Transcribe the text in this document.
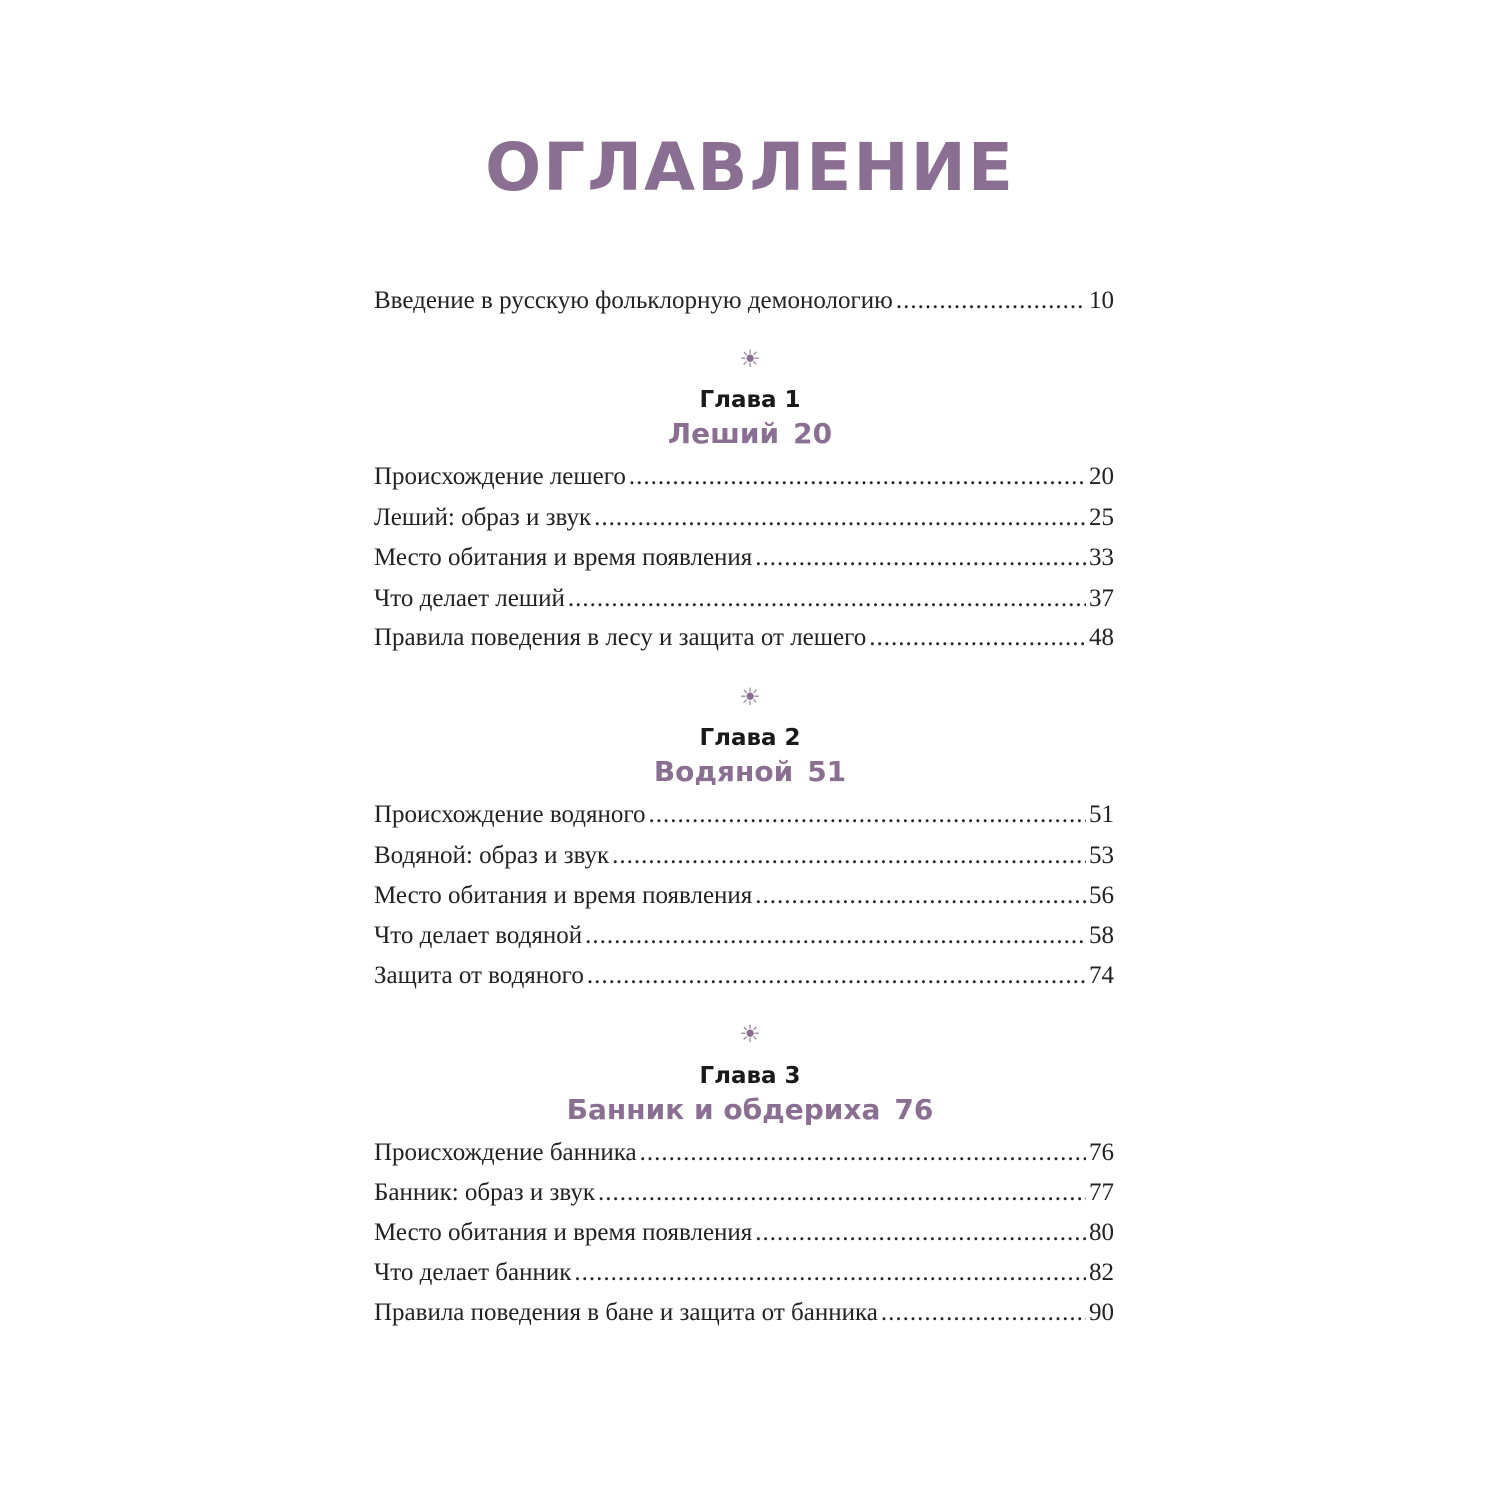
ОГЛАВЛЕНИЕ
Введение в русскую фольклорную демонологию .....	10
☀
Глава 1
Леший 20
Происхождение лешего .....	20
Леший: образ и звук .....	25
Место обитания и время появления .....	33
Что делает леший .....	37
Правила поведения в лесу и защита от лешего .....	48
☀
Глава 2
Водяной 51
Происхождение водяного .....	51
Водяной: образ и звук .....	53
Место обитания и время появления .....	56
Что делает водяной .....	58
Защита от водяного .....	74
☀
Глава 3
Банник и обдериха 76
Происхождение банника .....	76
Банник: образ и звук .....	77
Место обитания и время появления .....	80
Что делает банник .....	82
Правила поведения в бане и защита от банника .....	90
